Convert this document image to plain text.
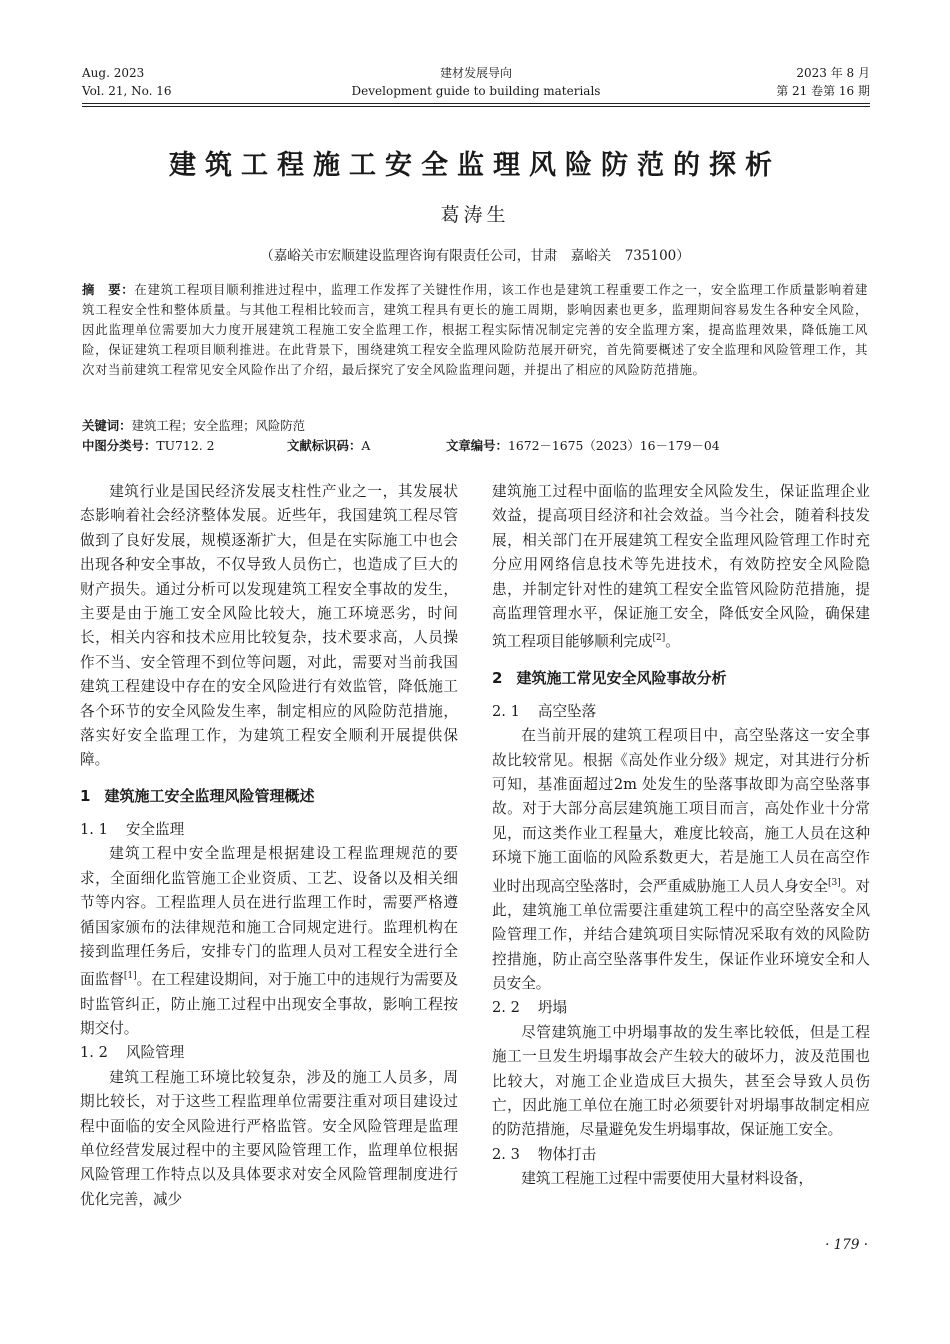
Aug. 2023
Vol. 21, No. 16
建材发展导向
Development guide to building materials
2023 年 8 月
第 21 卷第 16 期
建筑工程施工安全监理风险防范的探析
葛涛生
（嘉峪关市宏顺建设监理咨询有限责任公司，甘肃　嘉峪关　735100）
摘　要：在建筑工程项目顺利推进过程中，监理工作发挥了关键性作用，该工作也是建筑工程重要工作之一，安全监理工作质量影响着建筑工程安全性和整体质量。与其他工程相比较而言，建筑工程具有更长的施工周期，影响因素也更多，监理期间容易发生各种安全风险，因此监理单位需要加大力度开展建筑工程施工安全监理工作，根据工程实际情况制定完善的安全监理方案，提高监理效果，降低施工风险，保证建筑工程项目顺利推进。在此背景下，围绕建筑工程安全监理风险防范展开研究，首先简要概述了安全监理和风险管理工作，其次对当前建筑工程常见安全风险作出了介绍，最后探究了安全风险监理问题，并提出了相应的风险防范措施。
关键词：建筑工程；安全监理；风险防范
中图分类号：TU712. 2	文献标识码：A	文章编号：1672－1675（2023）16－179－04

建筑行业是国民经济发展支柱性产业之一，其发展状态影响着社会经济整体发展。近些年，我国建筑工程尽管做到了良好发展，规模逐渐扩大，但是在实际施工中也会出现各种安全事故，不仅导致人员伤亡，也造成了巨大的财产损失。通过分析可以发现建筑工程安全事故的发生，主要是由于施工安全风险比较大，施工环境恶劣，时间长，相关内容和技术应用比较复杂，技术要求高，人员操作不当、安全管理不到位等问题，对此，需要对当前我国建筑工程建设中存在的安全风险进行有效监管，降低施工各个环节的安全风险发生率，制定相应的风险防范措施，落实好安全监理工作，为建筑工程安全顺利开展提供保障。

1 建筑施工安全监理风险管理概述
1. 1 安全监理

建筑工程中安全监理是根据建设工程监理规范的要求，全面细化监管施工企业资质、工艺、设备以及相关细节等内容。工程监理人员在进行监理工作时，需要严格遵循国家颁布的法律规范和施工合同规定进行。监理机构在接到监理任务后，安排专门的监理人员对工程安全进行全面监督[1]。在工程建设期间，对于施工中的违规行为需要及时监管纠正，防止施工过程中出现安全事故，影响工程按期交付。

1. 2 风险管理

建筑工程施工环境比较复杂，涉及的施工人员多，周期比较长，对于这些工程监理单位需要注重对项目建设过程中面临的安全风险进行严格监管。安全风险管理是监理单位经营发展过程中的主要风险管理工作，监理单位根据风险管理工作特点以及具体要求对安全风险管理制度进行优化完善，减少

建筑施工过程中面临的监理安全风险发生，保证监理企业效益，提高项目经济和社会效益。当今社会，随着科技发展，相关部门在开展建筑工程安全监理风险管理工作时充分应用网络信息技术等先进技术，有效防控安全风险隐患，并制定针对性的建筑工程安全监管风险防范措施，提高监理管理水平，保证施工安全，降低安全风险，确保建筑工程项目能够顺利完成[2]。

2 建筑施工常见安全风险事故分析
2. 1 高空坠落

在当前开展的建筑工程项目中，高空坠落这一安全事故比较常见。根据《高处作业分级》规定，对其进行分析可知，基准面超过2m 处发生的坠落事故即为高空坠落事故。对于大部分高层建筑施工项目而言，高处作业十分常见，而这类作业工程量大，难度比较高，施工人员在这种环境下施工面临的风险系数更大，若是施工人员在高空作业时出现高空坠落时，会严重威胁施工人员人身安全[3]。对此，建筑施工单位需要注重建筑工程中的高空坠落安全风险管理工作，并结合建筑项目实际情况采取有效的风险防控措施，防止高空坠落事件发生，保证作业环境安全和人员安全。

2. 2 坍塌

尽管建筑施工中坍塌事故的发生率比较低，但是工程施工一旦发生坍塌事故会产生较大的破坏力，波及范围也比较大，对施工企业造成巨大损失，甚至会导致人员伤亡，因此施工单位在施工时必须要针对坍塌事故制定相应的防范措施，尽量避免发生坍塌事故，保证施工安全。

2. 3 物体打击

建筑工程施工过程中需要使用大量材料设备，

· 179 ·
